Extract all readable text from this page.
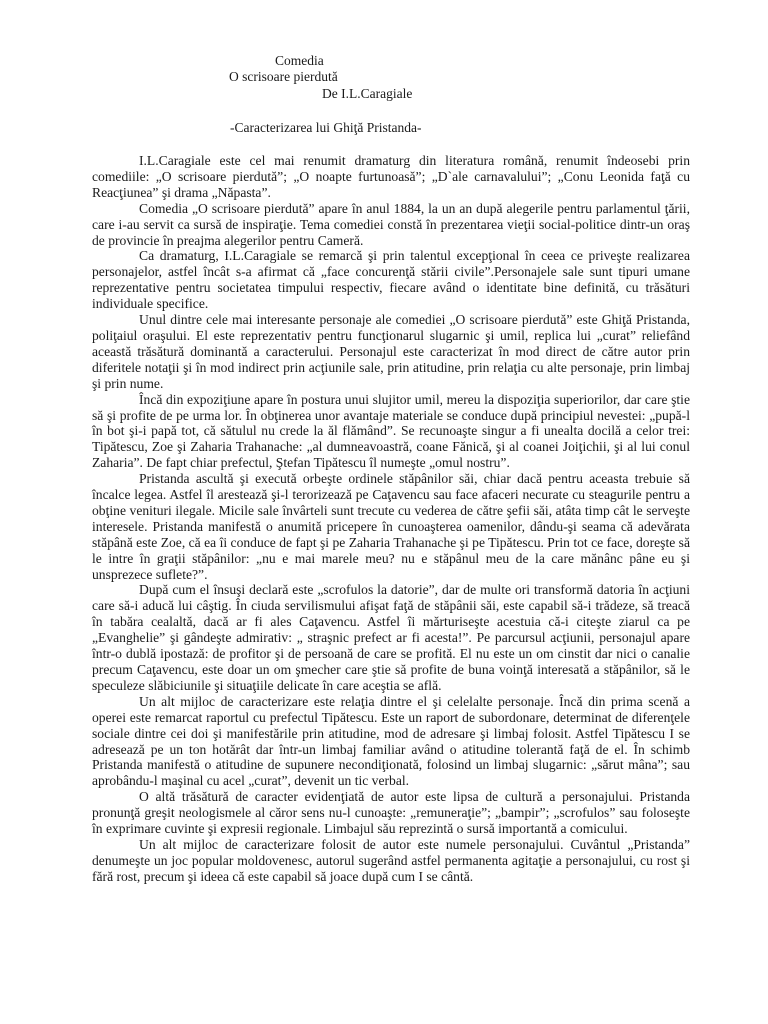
Comedia
O scrisoare pierdută
De I.L.Caragiale
-Caracterizarea lui Ghiţă Pristanda-

I.L.Caragiale este cel mai renumit dramaturg din literatura română, renumit îndeosebi prin comediile: „O scrisoare pierdută”; „O noapte furtunoasă”; „D`ale carnavalului”; „Conu Leonida faţă cu Reacţiunea” şi drama „Năpasta”.

Comedia „O scrisoare pierdută” apare în anul 1884, la un an după alegerile pentru parlamentul ţării, care i-au servit ca sursă de inspiraţie. Tema comediei constă în prezentarea vieţii social-politice dintr-un oraş de provincie în preajma alegerilor pentru Cameră.

Ca dramaturg, I.L.Caragiale se remarcă şi prin talentul excepţional în ceea ce priveşte realizarea personajelor, astfel încât s-a afirmat că „face concurenţă stării civile”.Personajele sale sunt tipuri umane reprezentative pentru societatea timpului respectiv, fiecare având o identitate bine definită, cu trăsături individuale specifice.

Unul dintre cele mai interesante personaje ale comediei „O scrisoare pierdută” este Ghiţă Pristanda, poliţaiul oraşului. El este reprezentativ pentru funcţionarul slugarnic şi umil, replica lui „curat” reliefând această trăsătură dominantă a caracterului. Personajul este caracterizat în mod direct de către autor prin diferitele notaţii şi în mod indirect prin acţiunile sale, prin atitudine, prin relaţia cu alte personaje, prin limbaj şi prin nume.

Încă din expoziţiune apare în postura unui slujitor umil, mereu la dispoziţia superiorilor, dar care ştie să şi profite de pe urma lor. În obţinerea unor avantaje materiale se conduce după principiul nevestei: „pupă-l în bot şi-i papă tot, că sătulul nu crede la ăl flămând”. Se recunoaşte singur a fi unealta docilă a celor trei: Tipătescu, Zoe şi Zaharia Trahanache: „al dumneavoastră, coane Fănică, şi al coanei Joiţichii, şi al lui conul Zaharia”. De fapt chiar prefectul, Ştefan Tipătescu îl numeşte „omul nostru”.

Pristanda ascultă şi execută orbeşte ordinele stăpânilor săi, chiar dacă pentru aceasta trebuie să încalce legea. Astfel îl arestează şi-l terorizează pe Caţavencu sau face afaceri necurate cu steagurile pentru a obţine venituri ilegale. Micile sale învârteli sunt trecute cu vederea de către şefii săi, atâta timp cât le serveşte interesele. Pristanda manifestă o anumită pricepere în cunoaşterea oamenilor, dându-şi seama că adevărata stăpână este Zoe, că ea îi conduce de fapt şi pe Zaharia Trahanache şi pe Tipătescu. Prin tot ce face, doreşte să le intre în graţii stăpânilor: „nu e mai marele meu? nu e stăpânul meu de la care mănânc pâne eu şi unsprezece suflete?”.

După cum el însuşi declară este „scrofulos la datorie”, dar de multe ori transformă datoria în acţiuni care să-i aducă lui câştig. În ciuda servilismului afişat faţă de stăpânii săi, este capabil să-i trădeze, să treacă în tabăra cealaltă, dacă ar fi ales Caţavencu. Astfel îi mărturiseşte acestuia că-i citeşte ziarul ca pe „Evanghelie” şi gândeşte admirativ: „ straşnic prefect ar fi acesta!”. Pe parcursul acţiunii, personajul apare într-o dublă ipostază: de profitor şi de persoană de care se profită. El nu este un om cinstit dar nici o canalie precum Caţavencu, este doar un om şmecher care ştie să profite de buna voinţă interesată a stăpânilor, să le speculeze slăbiciunile şi situaţiile delicate în care aceştia se află.

Un alt mijloc de caracterizare este relaţia dintre el şi celelalte personaje. Încă din prima scenă a operei este remarcat raportul cu prefectul Tipătescu. Este un raport de subordonare, determinat de diferenţele sociale dintre cei doi şi manifestările prin atitudine, mod de adresare şi limbaj folosit. Astfel Tipătescu I se adresează pe un ton hotărât dar într-un limbaj familiar având o atitudine tolerantă faţă de el. În schimb Pristanda manifestă o atitudine de supunere necondiţionată, folosind un limbaj slugarnic: „sărut mâna”; sau aprobându-l maşinal cu acel „curat”, devenit un tic verbal.

O altă trăsătură de caracter evidenţiată de autor este lipsa de cultură a personajului. Pristanda pronunţă greşit neologismele al căror sens nu-l cunoaşte: „remuneraţie”; „bampir”; „scrofulos” sau foloseşte în exprimare cuvinte şi expresii regionale. Limbajul său reprezintă o sursă importantă a comicului.

Un alt mijloc de caracterizare folosit de autor este numele personajului. Cuvântul „Pristanda” denumeşte un joc popular moldovenesc, autorul sugerând astfel permanenta agitaţie a personajului, cu rost şi fără rost, precum şi ideea că este capabil să joace după cum I se cântă.
